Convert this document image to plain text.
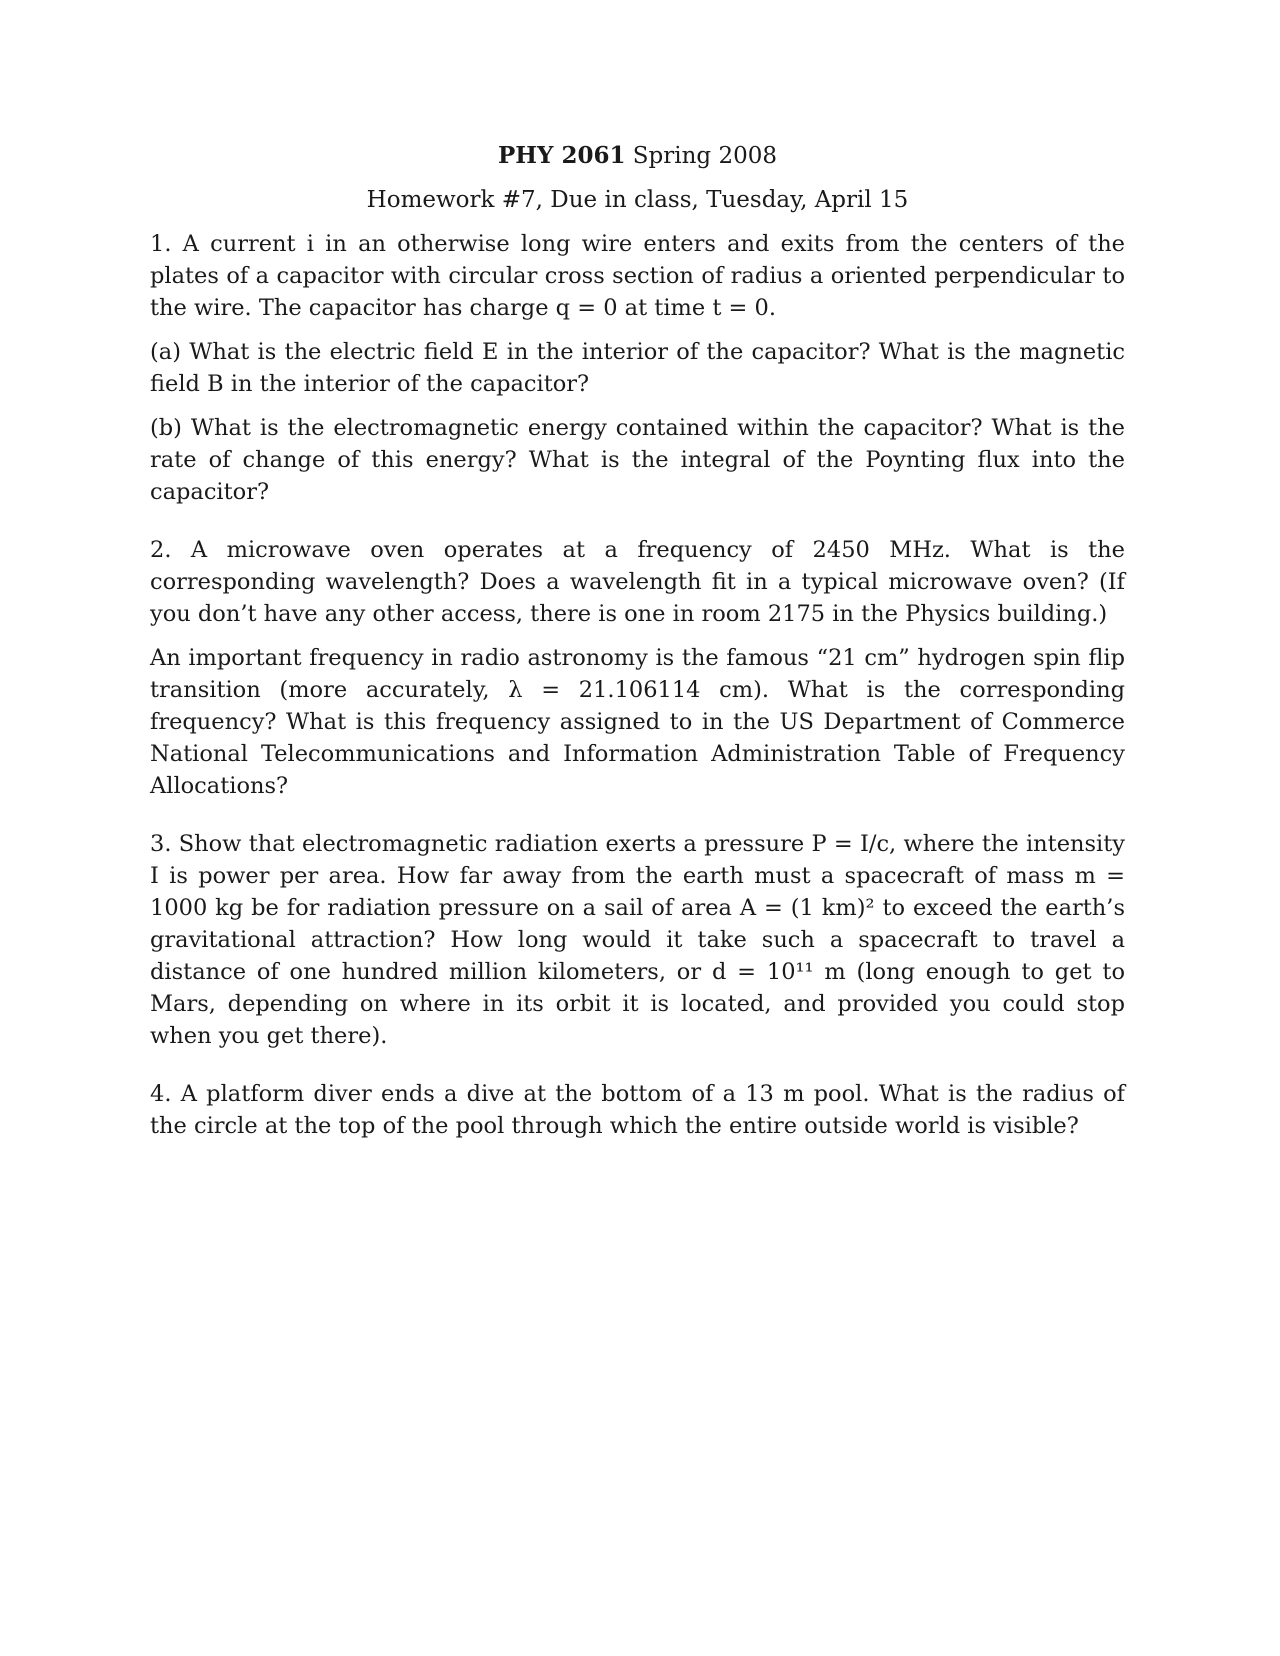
PHY 2061 Spring 2008
Homework #7, Due in class, Tuesday, April 15

1. A current i in an otherwise long wire enters and exits from the centers of the plates of a capacitor with circular cross section of radius a oriented perpendicular to the wire. The capacitor has charge q = 0 at time t = 0.

(a) What is the electric field E in the interior of the capacitor? What is the magnetic field B in the interior of the capacitor?

(b) What is the electromagnetic energy contained within the capacitor? What is the rate of change of this energy? What is the integral of the Poynting flux into the capacitor?

2. A microwave oven operates at a frequency of 2450 MHz. What is the corresponding wavelength? Does a wavelength fit in a typical microwave oven? (If you don’t have any other access, there is one in room 2175 in the Physics building.)

An important frequency in radio astronomy is the famous “21 cm” hydrogen spin flip transition (more accurately, λ = 21.106114 cm). What is the corresponding frequency? What is this frequency assigned to in the US Department of Commerce National Telecommunications and Information Administration Table of Frequency Allocations?

3. Show that electromagnetic radiation exerts a pressure P = I/c, where the intensity I is power per area. How far away from the earth must a spacecraft of mass m = 1000 kg be for radiation pressure on a sail of area A = (1 km)² to exceed the earth’s gravitational attraction? How long would it take such a spacecraft to travel a distance of one hundred million kilometers, or d = 10¹¹ m (long enough to get to Mars, depending on where in its orbit it is located, and provided you could stop when you get there).

4. A platform diver ends a dive at the bottom of a 13 m pool. What is the radius of the circle at the top of the pool through which the entire outside world is visible?
